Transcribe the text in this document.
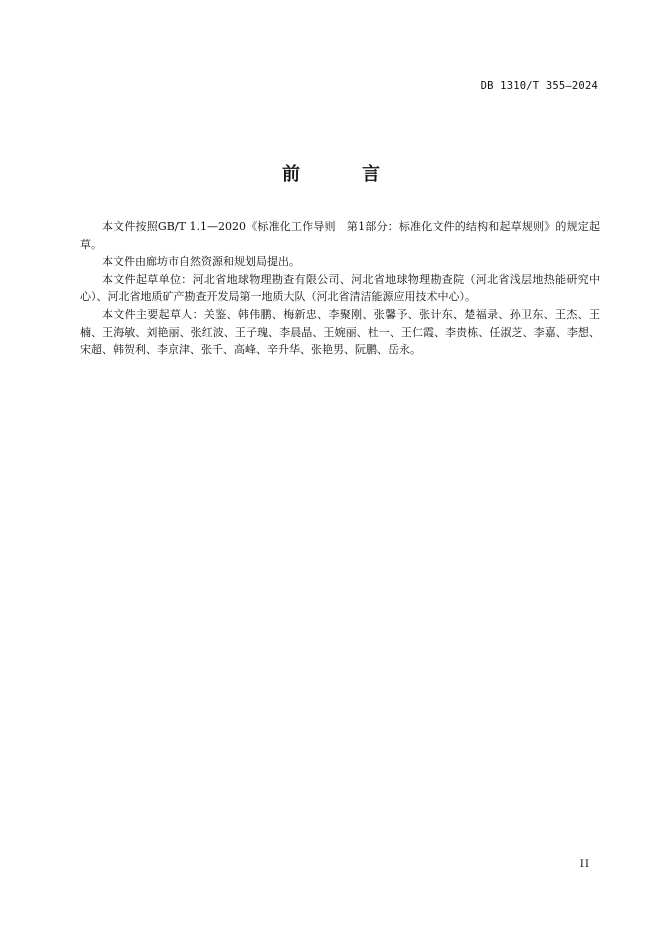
DB 1310/T 355—2024
前　言

本文件按照GB/T 1.1—2020《标准化工作导则　第1部分：标准化文件的结构和起草规则》的规定起草。

本文件由廊坊市自然资源和规划局提出。

本文件起草单位：河北省地球物理勘查有限公司、河北省地球物理勘查院（河北省浅层地热能研究中心）、河北省地质矿产勘查开发局第一地质大队（河北省清洁能源应用技术中心）。

本文件主要起草人：关鉴、韩伟鹏、梅新忠、李聚刚、张馨予、张计东、楚福录、孙卫东、王杰、王楠、王海敏、刘艳丽、张红波、王子瑰、李晨晶、王婉丽、杜一、王仁霞、李贵栋、任淑芝、李嘉、李想、宋超、韩贺利、李京津、张千、高峰、辛升华、张艳男、阮鹏、岳永。

II
